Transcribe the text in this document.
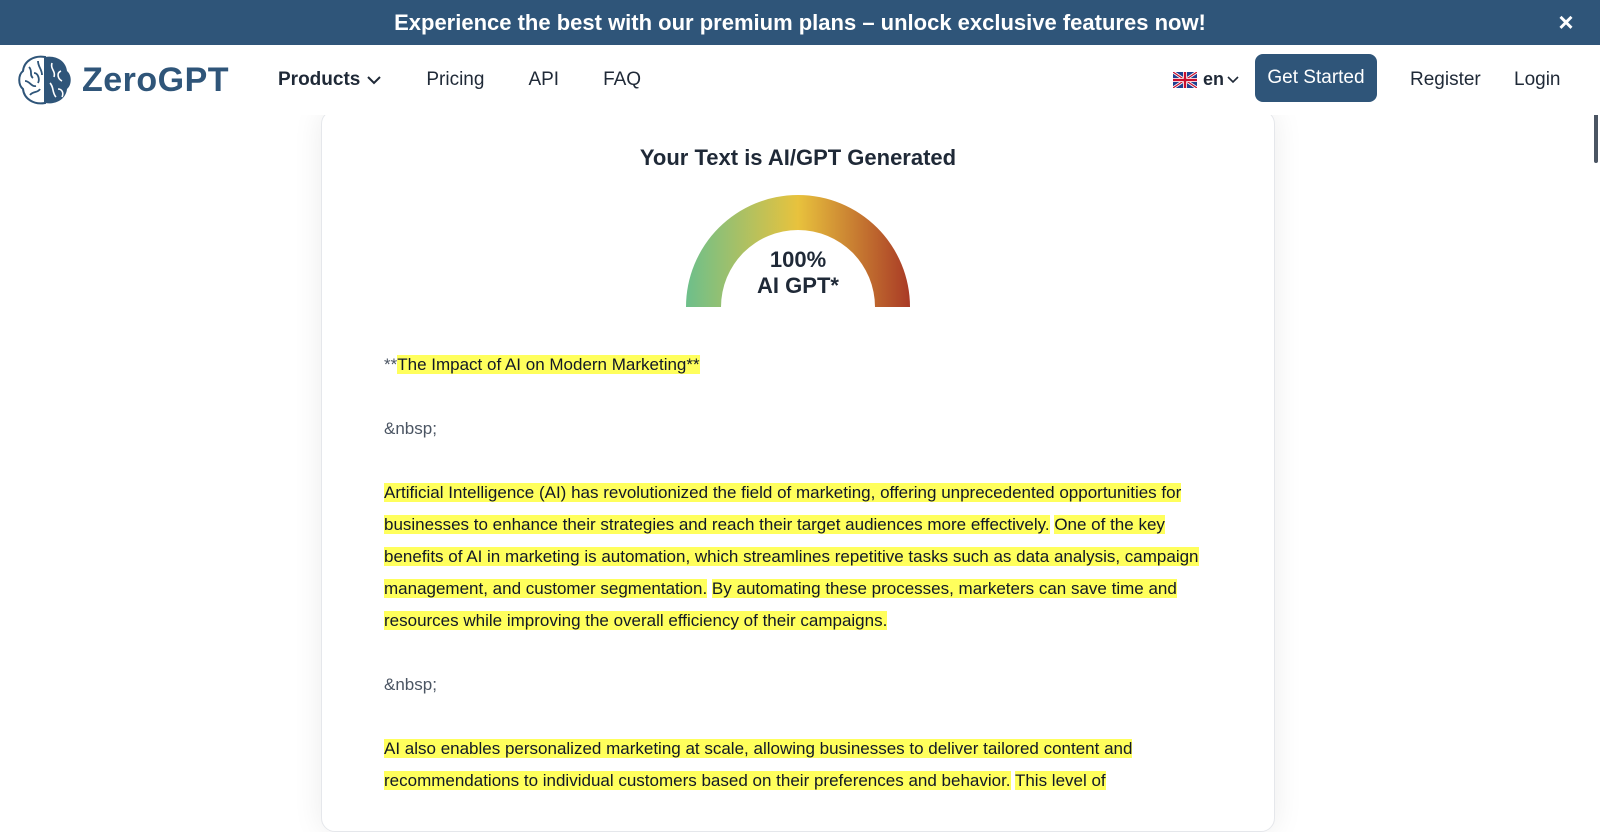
Experience the best with our premium plans – unlock exclusive features now!	×
ZeroGPT	Products	Pricing API FAQ	en	Get Started	Register Login
Your Text is AI/GPT Generated
100%
AI GPT*

**The Impact of AI on Modern Marketing**

&nbsp;

Artificial Intelligence (AI) has revolutionized the field of marketing, offering unprecedented opportunities for businesses to enhance their strategies and reach their target audiences more effectively. One of the key benefits of AI in marketing is automation, which streamlines repetitive tasks such as data analysis, campaign management, and customer segmentation. By automating these processes, marketers can save time and resources while improving the overall efficiency of their campaigns.

&nbsp;

AI also enables personalized marketing at scale, allowing businesses to deliver tailored content and recommendations to individual customers based on their preferences and behavior. This level of
